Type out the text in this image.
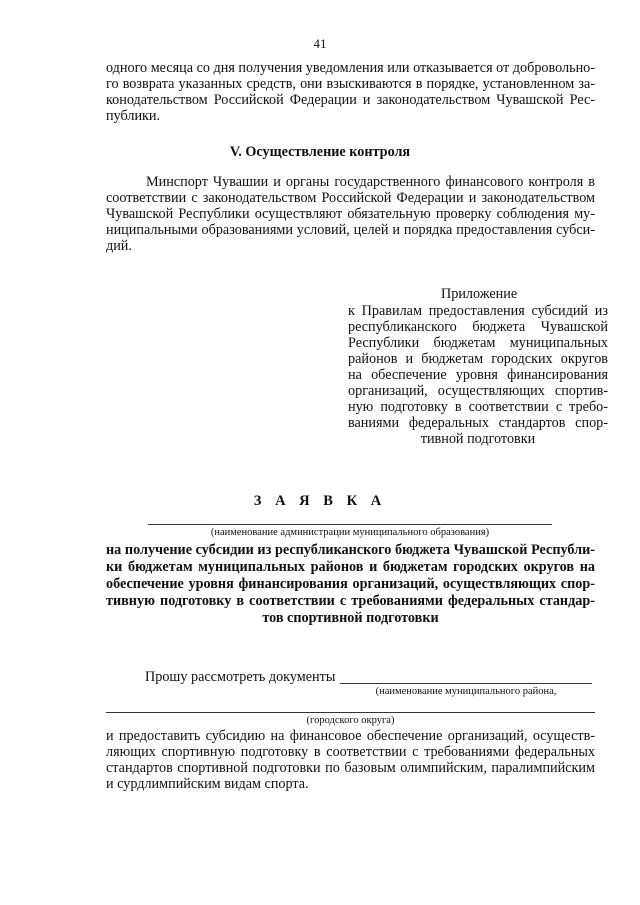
41
одного месяца со дня получения уведомления или отказывается от добровольно-
го возврата указанных средств, они взыскиваются в порядке, установленном за-
конодательством Российской Федерации и законодательством Чувашской Рес-
публики.
V. Осуществление контроля
Минспорт Чувашии и органы государственного финансового контроля в
соответствии с законодательством Российской Федерации и законодательством
Чувашской Республики осуществляют обязательную проверку соблюдения му-
ниципальными образованиями условий, целей и порядка предоставления субси-
дий.
Приложение
к Правилам предоставления субсидий из
республиканского бюджета Чувашской
Республики бюджетам муниципальных
районов и бюджетам городских округов
на обеспечение уровня финансирования
организаций, осуществляющих спортив-
ную подготовку в соответствии с требо-
ваниями федеральных стандартов спор-
тивной подготовки
З А Я В К А
(наименование администрации муниципального образования)
на получение субсидии из республиканского бюджета Чувашской Республи-
ки бюджетам муниципальных районов и бюджетам городских округов на
обеспечение уровня финансирования организаций, осуществляющих спор-
тивную подготовку в соответствии с требованиями федеральных стандар-
тов спортивной подготовки
Прошу рассмотреть документы
(наименование муниципального района,
(городского округа)
и предоставить субсидию на финансовое обеспечение организаций, осуществ-
ляющих спортивную подготовку в соответствии с требованиями федеральных
стандартов спортивной подготовки по базовым олимпийским, паралимпийским
и сурдлимпийским видам спорта.
